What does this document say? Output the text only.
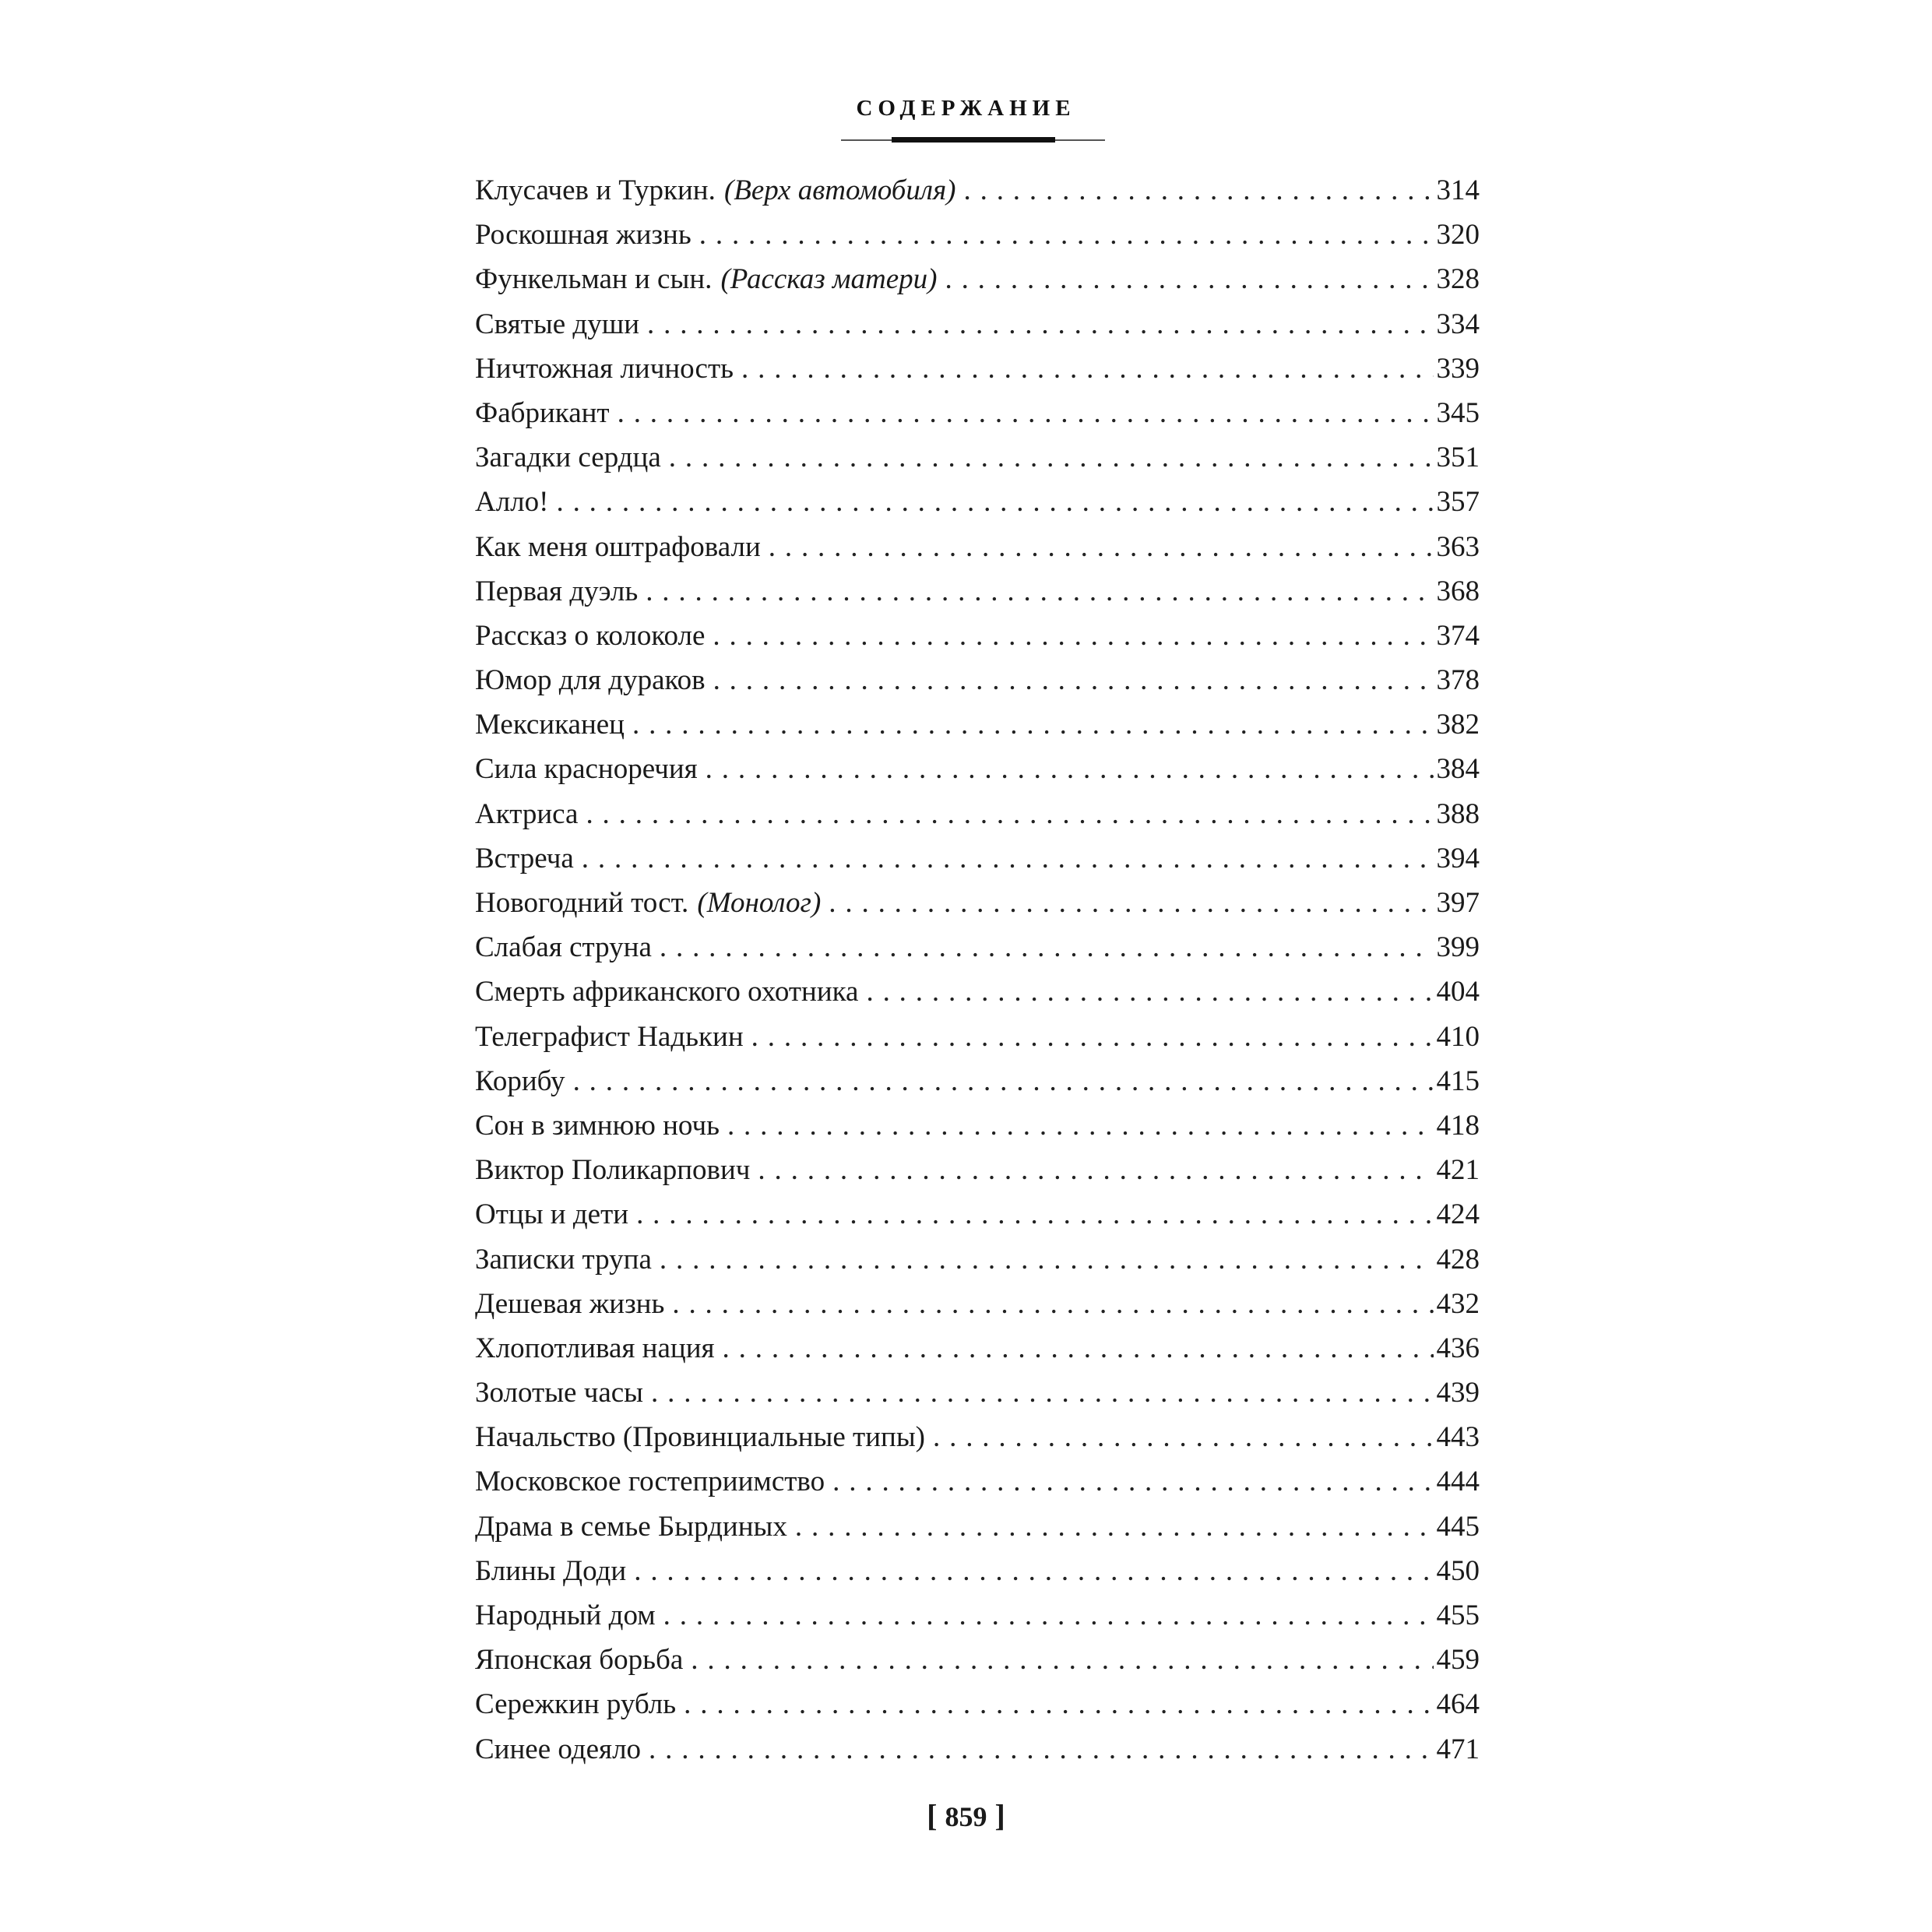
СОДЕРЖАНИЕ
Клусачев и Туркин. (Верх автомобиля) . . .	314
Роскошная жизнь . . .	320
Функельман и сын. (Рассказ матери) . . .	328
Святые души . . .	334
Ничтожная личность . . .	339
Фабрикант . . .	345
Загадки сердца . . .	351
Алло! . . .	357
Как меня оштрафовали . . .	363
Первая дуэль . . .	368
Рассказ о колоколе . . .	374
Юмор для дураков . . .	378
Мексиканец . . .	382
Сила красноречия . . .	384
Актриса . . .	388
Встреча . . .	394
Новогодний тост. (Монолог) . . .	397
Слабая струна . . .	399
Смерть африканского охотника . . .	404
Телеграфист Надькин . . .	410
Корибу . . .	415
Сон в зимнюю ночь . . .	418
Виктор Поликарпович . . .	421
Отцы и дети . . .	424
Записки трупа . . .	428
Дешевая жизнь . . .	432
Хлопотливая нация . . .	436
Золотые часы . . .	439
Начальство (Провинциальные типы) . . .	443
Московское гостеприимство . . .	444
Драма в семье Бырдиных . . .	445
Блины Доди . . .	450
Народный дом . . .	455
Японская борьба . . .	459
Сережкин рубль . . .	464
Синее одеяло . . .	471
[ 859 ]
